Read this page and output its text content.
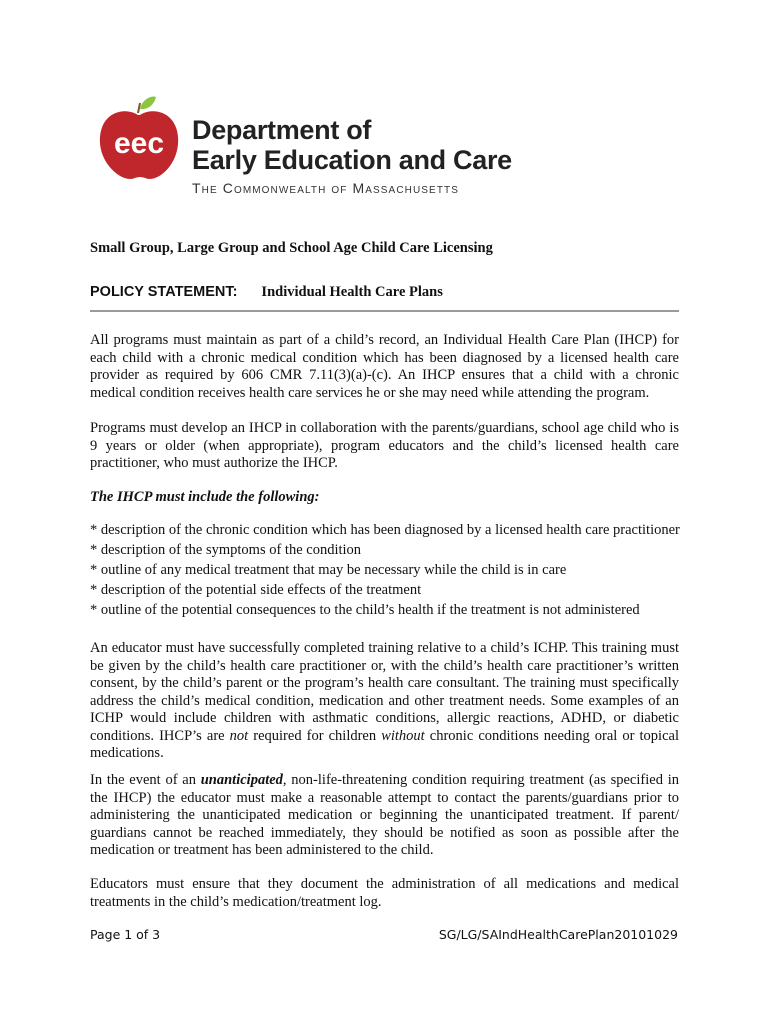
eec Department of
Early Education and Care
The Commonwealth of Massachusetts
Small Group, Large Group and School Age Child Care Licensing
POLICY STATEMENT: Individual Health Care Plans

All programs must maintain as part of a child’s record, an Individual Health Care Plan (IHCP) for each child with a chronic medical condition which has been diagnosed by a licensed health care provider as required by 606 CMR 7.11(3)(a)-(c). An IHCP ensures that a child with a chronic medical condition receives health care services he or she may need while attending the program.

Programs must develop an IHCP in collaboration with the parents/guardians, school age child who is 9 years or older (when appropriate), program educators and the child’s licensed health care practitioner, who must authorize the IHCP.

The IHCP must include the following:
* description of the chronic condition which has been diagnosed by a licensed health care practitioner
* description of the symptoms of the condition
* outline of any medical treatment that may be necessary while the child is in care
* description of the potential side effects of the treatment
* outline of the potential consequences to the child’s health if the treatment is not administered

An educator must have successfully completed training relative to a child’s ICHP. This training must be given by the child’s health care practitioner or, with the child’s health care practitioner’s written consent, by the child’s parent or the program’s health care consultant. The training must specifically address the child’s medical condition, medication and other treatment needs. Some examples of an ICHP would include children with asthmatic conditions, allergic reactions, ADHD, or diabetic conditions. IHCP’s are not required for children without chronic conditions needing oral or topical medications.

In the event of an unanticipated, non-life-threatening condition requiring treatment (as specified in the IHCP) the educator must make a reasonable attempt to contact the parents/guardians prior to administering the unanticipated medication or beginning the unanticipated treatment. If parent/ guardians cannot be reached immediately, they should be notified as soon as possible after the medication or treatment has been administered to the child.

Educators must ensure that they document the administration of all medications and medical treatments in the child’s medication/treatment log.

Page 1 of 3	SG/LG/SAIndHealthCarePlan20101029
